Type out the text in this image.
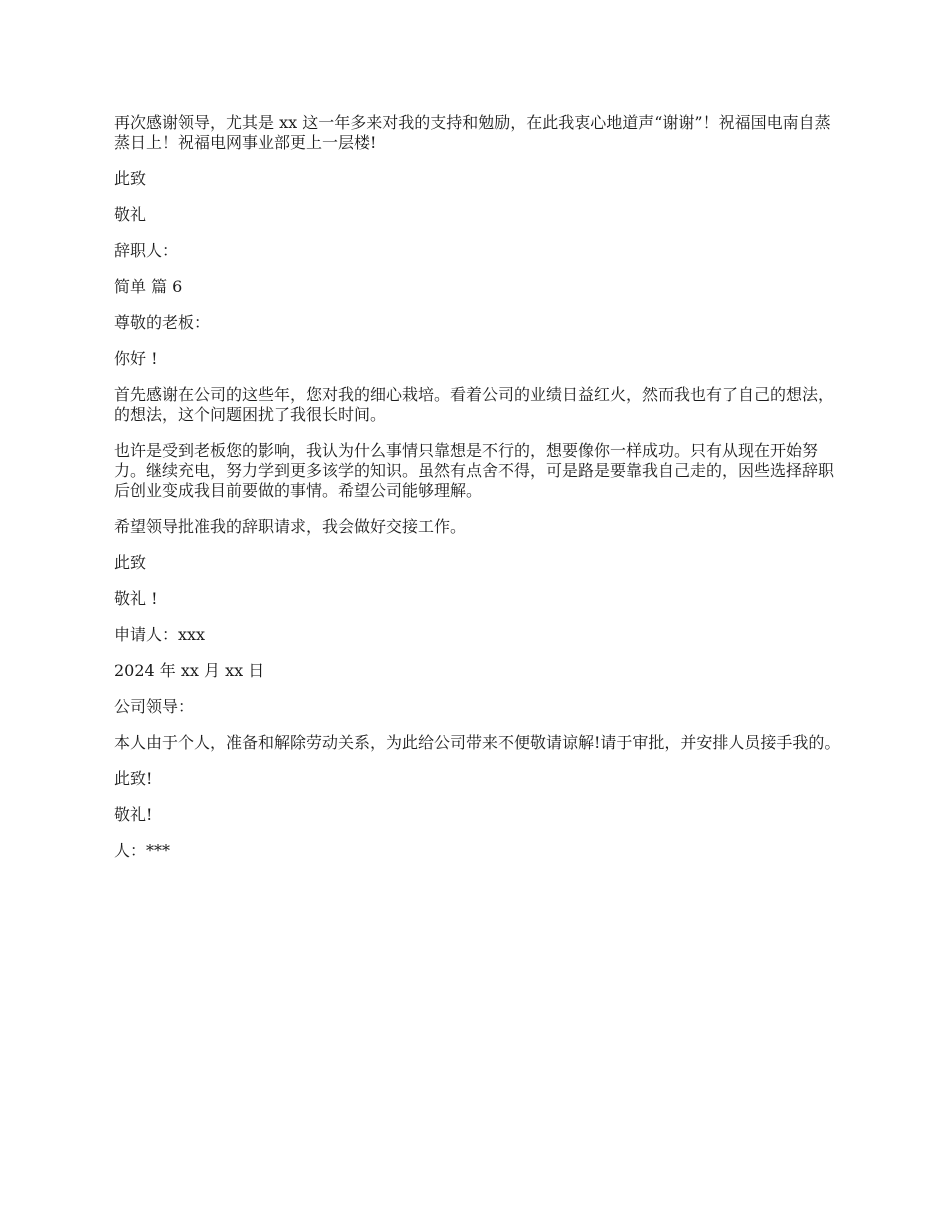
再次感谢领导，尤其是 xx 这一年多来对我的支持和勉励，在此我衷心地道声“谢谢”！祝福国电南自蒸蒸日上！祝福电网事业部更上一层楼!

此致

敬礼

辞职人：

简单 篇 6

尊敬的老板：

你好 !

首先感谢在公司的这些年，您对我的细心栽培。看着公司的业绩日益红火，然而我也有了自己的想法，的想法，这个问题困扰了我很长时间。

也许是受到老板您的影响，我认为什么事情只靠想是不行的，想要像你一样成功。只有从现在开始努力。继续充电，努力学到更多该学的知识。虽然有点舍不得，可是路是要靠我自己走的，因些选择辞职后创业变成我目前要做的事情。希望公司能够理解。

希望领导批准我的辞职请求，我会做好交接工作。

此致

敬礼 !

申请人：xxx

2024 年 xx 月 xx 日

公司领导：

本人由于个人，准备和解除劳动关系，为此给公司带来不便敬请谅解!请于审批，并安排人员接手我的。

此致!

敬礼!

人：***
